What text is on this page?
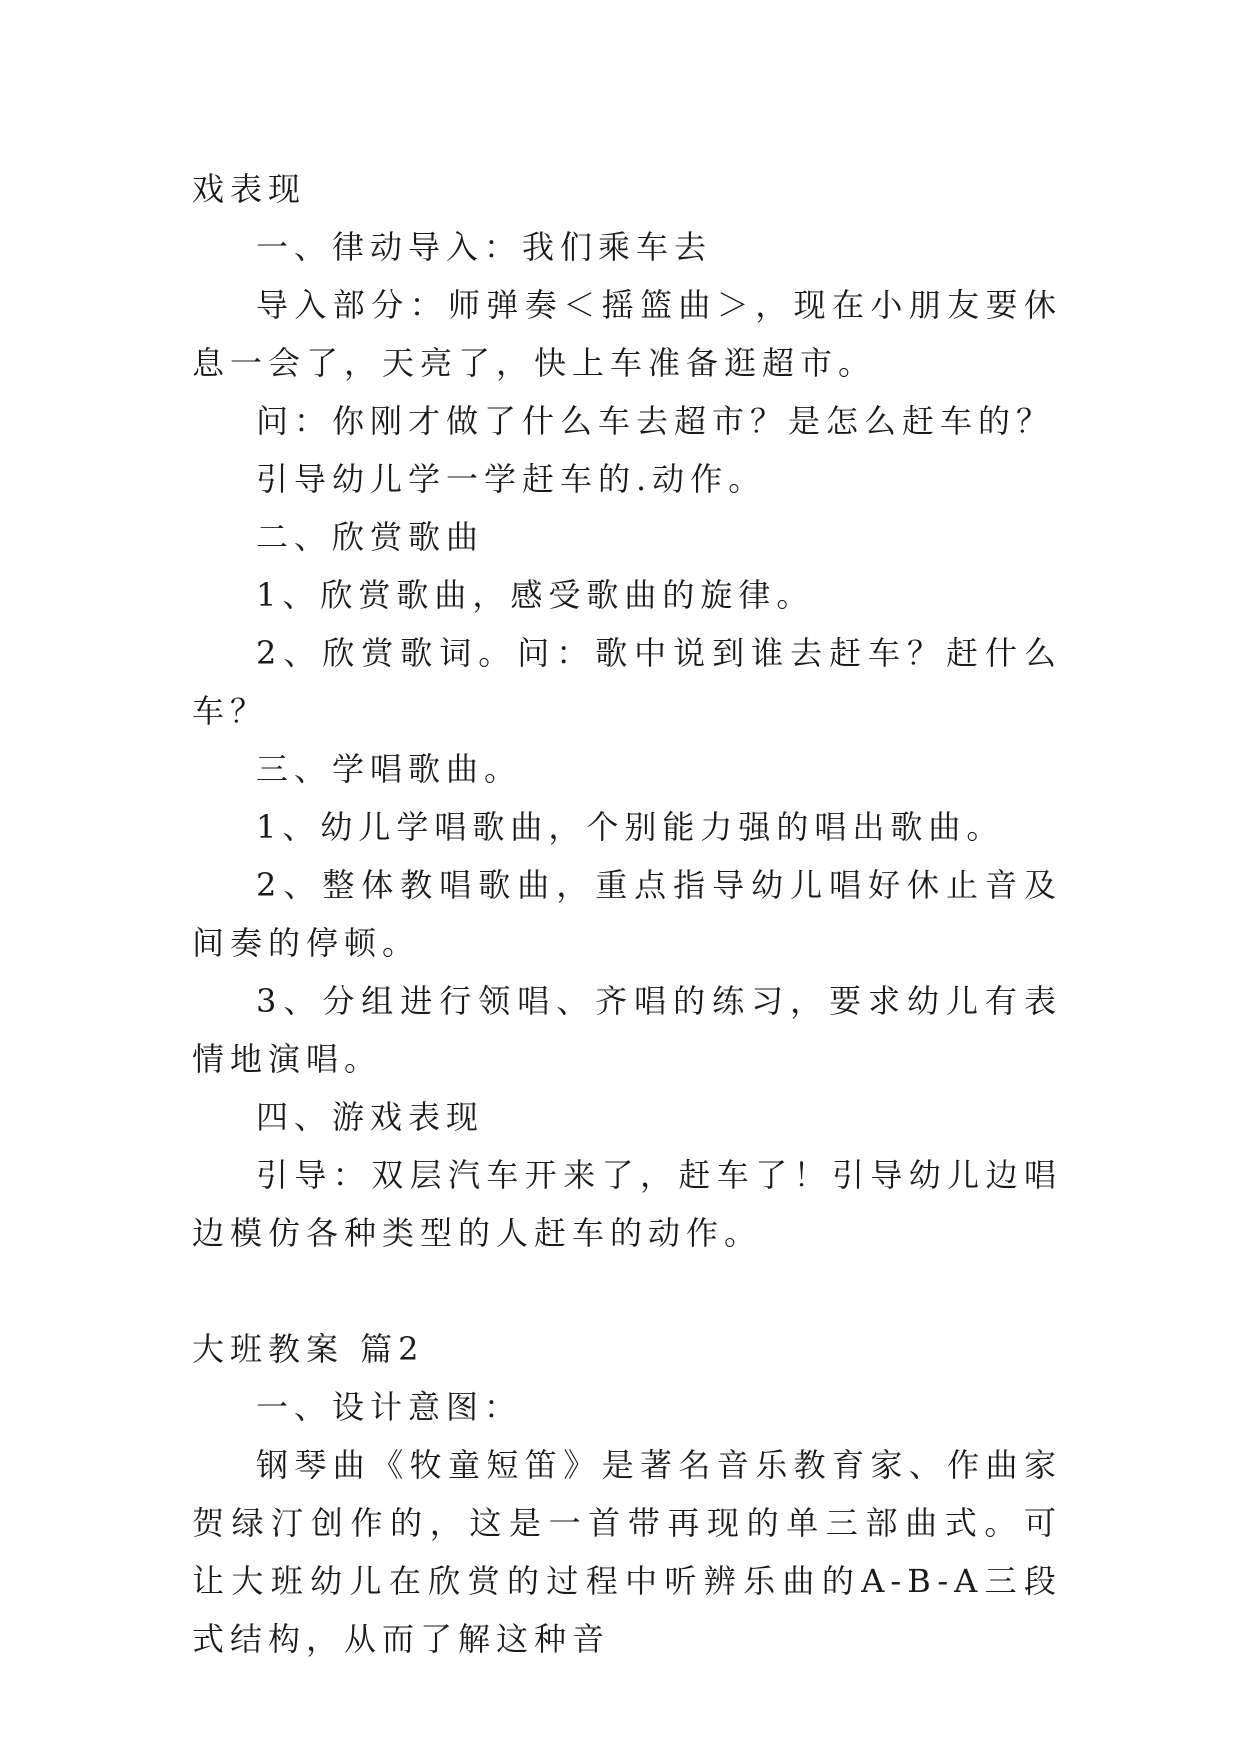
戏表现

一、律动导入：我们乘车去

导入部分：师弹奏＜摇篮曲＞，现在小朋友要休息一会了，天亮了，快上车准备逛超市。

问：你刚才做了什么车去超市？是怎么赶车的？

引导幼儿学一学赶车的.动作。

二、欣赏歌曲

1、欣赏歌曲，感受歌曲的旋律。

2、欣赏歌词。问：歌中说到谁去赶车？赶什么车？

三、学唱歌曲。

1、幼儿学唱歌曲，个别能力强的唱出歌曲。

2、整体教唱歌曲，重点指导幼儿唱好休止音及间奏的停顿。

3、分组进行领唱、齐唱的练习，要求幼儿有表情地演唱。

四、游戏表现

引导：双层汽车开来了，赶车了！引导幼儿边唱边模仿各种类型的人赶车的动作。

大班教案 篇2

一、设计意图：

钢琴曲《牧童短笛》是著名音乐教育家、作曲家贺绿汀创作的，这是一首带再现的单三部曲式。可让大班幼儿在欣赏的过程中听辨乐曲的A-B-A三段式结构，从而了解这种音
